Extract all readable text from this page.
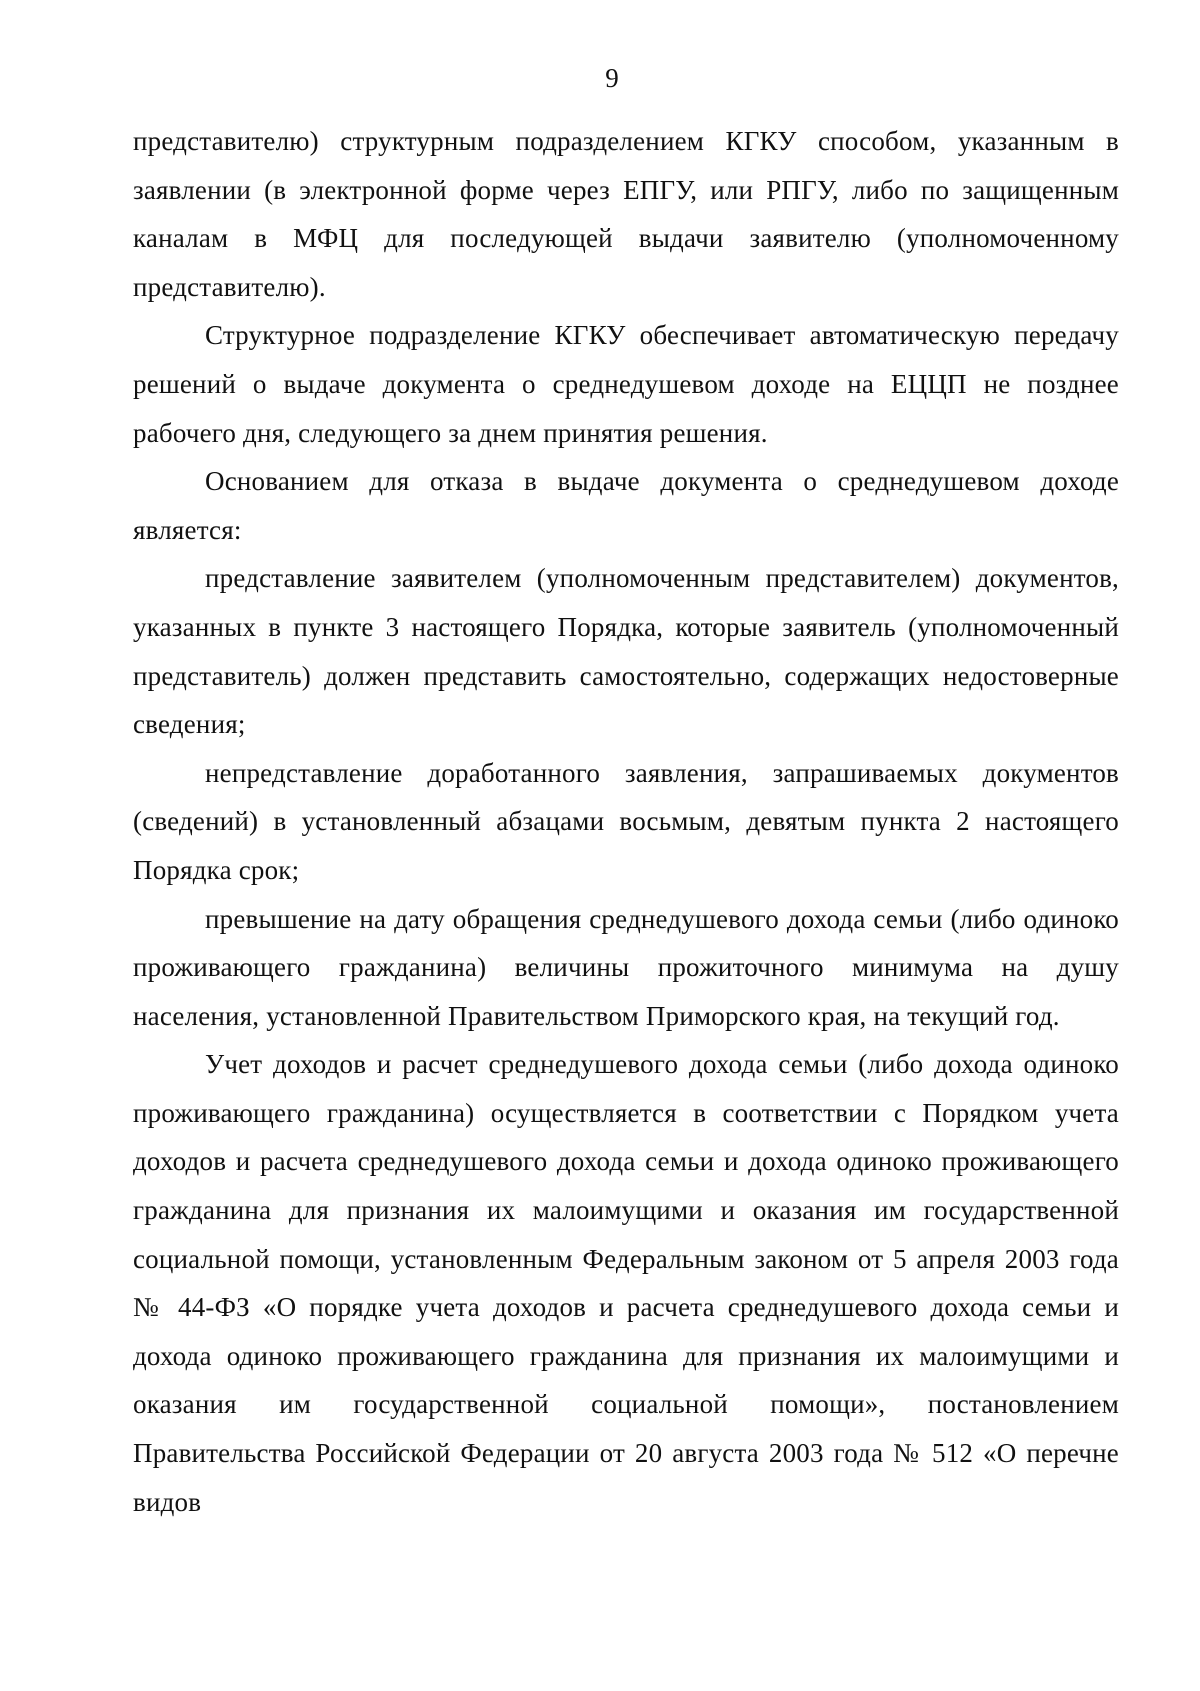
9

представителю) структурным подразделением КГКУ способом, указанным в заявлении (в электронной форме через ЕПГУ, или РПГУ, либо по защищенным каналам в МФЦ для последующей выдачи заявителю (уполномоченному представителю).

Структурное подразделение КГКУ обеспечивает автоматическую передачу решений о выдаче документа о среднедушевом доходе на ЕЦЦП не позднее рабочего дня, следующего за днем принятия решения.

Основанием для отказа в выдаче документа о среднедушевом доходе является:

представление заявителем (уполномоченным представителем) документов, указанных в пункте 3 настоящего Порядка, которые заявитель (уполномоченный представитель) должен представить самостоятельно, содержащих недостоверные сведения;

непредставление доработанного заявления, запрашиваемых документов (сведений) в установленный абзацами восьмым, девятым пункта 2 настоящего Порядка срок;

превышение на дату обращения среднедушевого дохода семьи (либо одиноко проживающего гражданина) величины прожиточного минимума на душу населения, установленной Правительством Приморского края, на текущий год.

Учет доходов и расчет среднедушевого дохода семьи (либо дохода одиноко проживающего гражданина) осуществляется в соответствии с Порядком учета доходов и расчета среднедушевого дохода семьи и дохода одиноко проживающего гражданина для признания их малоимущими и оказания им государственной социальной помощи, установленным Федеральным законом от 5 апреля 2003 года № 44-ФЗ «О порядке учета доходов и расчета среднедушевого дохода семьи и дохода одиноко проживающего гражданина для признания их малоимущими и оказания им государственной социальной помощи», постановлением Правительства Российской Федерации от 20 августа 2003 года № 512 «О перечне видов
